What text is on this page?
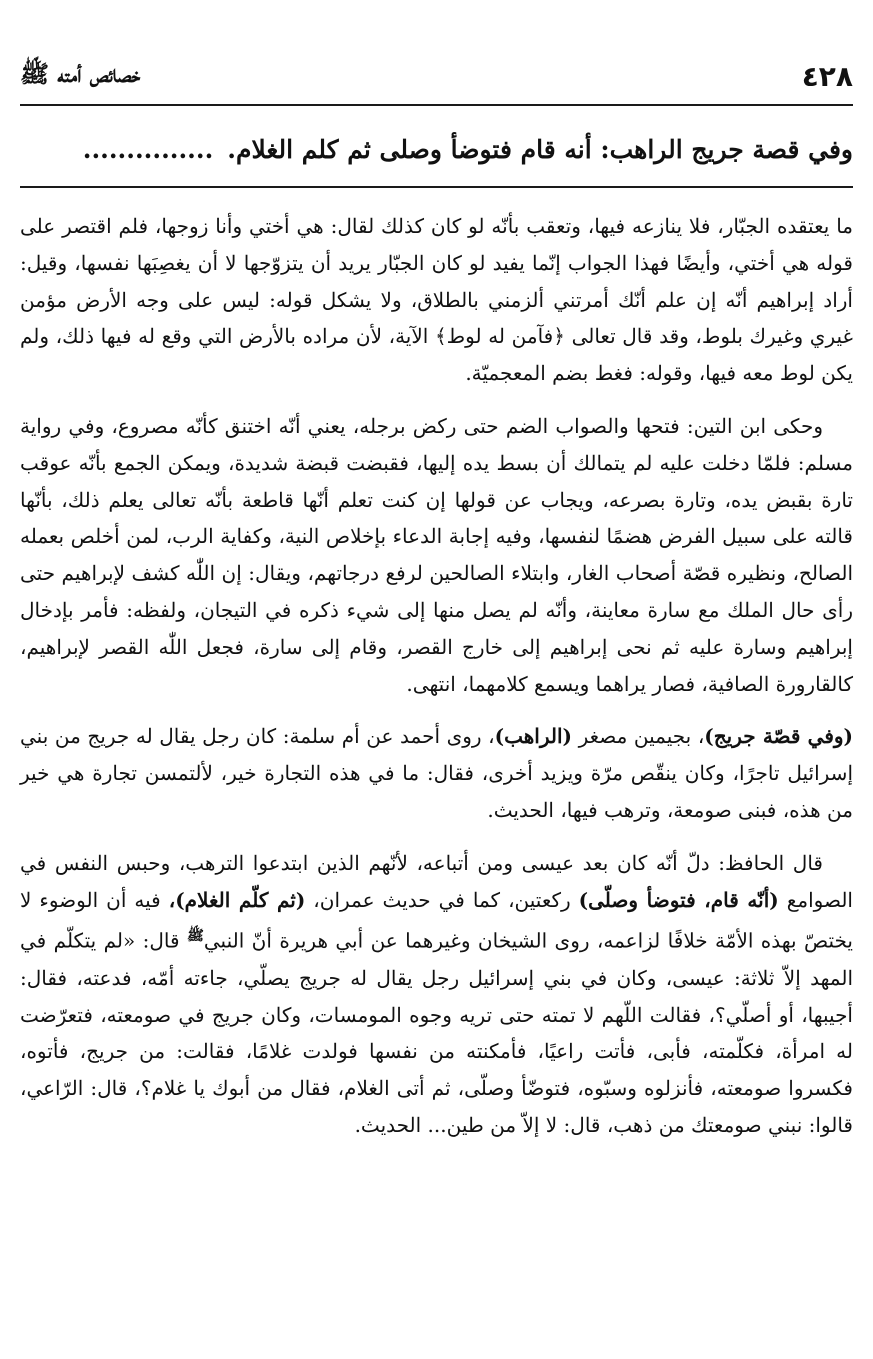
٤٢٨
خصائص أمته ﷺ
وفي قصة جريج الراهب: أنه قام فتوضأ وصلى ثم كلم الغلام................

ما يعتقده الجبّار، فلا ينازعه فيها، وتعقب بأنّه لو كان كذلك لقال: هي أختي وأنا زوجها، فلم اقتصر على قوله هي أختي، وأيضًا فهذا الجواب إنّما يفيد لو كان الجبّار يريد أن يتزوّجها لا أن يغصِبَها نفسها، وقيل: أراد إبراهيم أنّه إن علم أنّك أمرتني ألزمني بالطلاق، ولا يشكل قوله: ليس على وجه الأرض مؤمن غيري وغيرك بلوط، وقد قال تعالى ﴿فآمن له لوط﴾ الآية، لأن مراده بالأرض التي وقع له فيها ذلك، ولم يكن لوط معه فيها، وقوله: فغط بضم المعجميّة.

وحكى ابن التين: فتحها والصواب الضم حتى ركض برجله، يعني أنّه اختنق كأنّه مصروع، وفي رواية مسلم: فلمّا دخلت عليه لم يتمالك أن بسط يده إليها، فقبضت قبضة شديدة، ويمكن الجمع بأنّه عوقب تارة بقبض يده، وتارة بصرعه، ويجاب عن قولها إن كنت تعلم أنّها قاطعة بأنّه تعالى يعلم ذلك، بأنّها قالته على سبيل الفرض هضمًا لنفسها، وفيه إجابة الدعاء بإخلاص النية، وكفاية الرب، لمن أخلص بعمله الصالح، ونظيره قصّة أصحاب الغار، وابتلاء الصالحين لرفع درجاتهم، ويقال: إن اللّٰه كشف لإبراهيم حتى رأى حال الملك مع سارة معاينة، وأنّه لم يصل منها إلى شيء ذكره في التيجان، ولفظه: فأمر بإدخال إبراهيم وسارة عليه ثم نحى إبراهيم إلى خارج القصر، وقام إلى سارة، فجعل اللّٰه القصر لإبراهيم، كالقارورة الصافية، فصار يراهما ويسمع كلامهما، انتهى.

(وفي قصّة جريج)، بجيمين مصغر (الراهب)، روى أحمد عن أم سلمة: كان رجل يقال له جريج من بني إسرائيل تاجرًا، وكان ينقّص مرّة ويزيد أخرى، فقال: ما في هذه التجارة خير، لألتمسن تجارة هي خير من هذه، فبنى صومعة، وترهب فيها، الحديث.

قال الحافظ: دلّ أنّه كان بعد عيسى ومن أتباعه، لأنّهم الذين ابتدعوا الترهب، وحبس النفس في الصوامع (أنّه قام، فتوضأ وصلّى) ركعتين، كما في حديث عمران، (ثم كلّم الغلام)، فيه أن الوضوء لا يختصّ بهذه الأمّة خلافًا لزاعمه، روى الشيخان وغيرهما عن أبي هريرة أنّ النبي$^ﷺ$ قال: «لم يتكلّم في المهد إلاّ ثلاثة: عيسى، وكان في بني إسرائيل رجل يقال له جريج يصلّي، جاءته أمّه، فدعته، فقال: أجيبها، أو أصلّي؟، فقالت اللّهم لا تمته حتى تريه وجوه المومسات، وكان جريج في صومعته، فتعرّضت له امرأة، فكلّمته، فأبى، فأتت راعيًا، فأمكنته من نفسها فولدت غلامًا، فقالت: من جريج، فأتوه، فكسروا صومعته، فأنزلوه وسبّوه، فتوضّأ وصلّى، ثم أتى الغلام، فقال من أبوك يا غلام؟، قال: الرّاعي، قالوا: نبني صومعتك من ذهب، قال: لا إلاّ من طين... الحديث.
